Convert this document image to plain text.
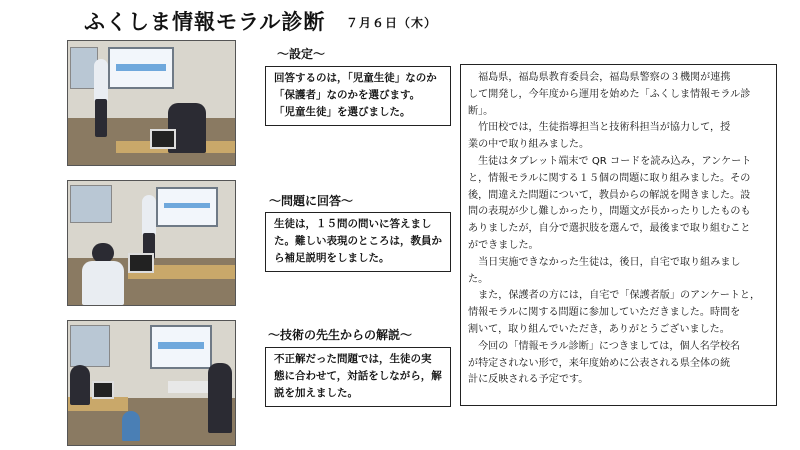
ふくしま情報モラル診断 ７月６日（木）
～設定～
回答するのは，「児童生徒」なのか
「保護者」なのかを選びます。
「児童生徒」を選びました。
～問題に回答～
生徒は，１５問の問いに答えまし
た。難しい表現のところは，教員か
ら補足説明をしました。
～技術の先生からの解説～
不正解だった問題では，生徒の実
態に合わせて，対話をしながら，解
説を加えました。
　福島県，福島県教育委員会，福島県警察の３機関が連携
して開発し，今年度から運用を始めた「ふくしま情報モラル診
断」。
　竹田校では，生徒指導担当と技術科担当が協力して，授
業の中で取り組みました。
　生徒はタブレット端末で QR コードを読み込み，アンケート
と，情報モラルに関する１５個の問題に取り組みました。その
後，間違えた問題について，教員からの解説を聞きました。設
問の表現が少し難しかったり，問題文が長かったりしたものも
ありましたが，自分で選択肢を選んで，最後まで取り組むこと
ができました。
　当日実施できなかった生徒は，後日，自宅で取り組みまし
た。
　また，保護者の方には，自宅で「保護者版」のアンケートと，
情報モラルに関する問題に参加していただきました。時間を
割いて，取り組んでいただき，ありがとうございました。
　今回の「情報モラル診断」につきましては，個人名学校名
が特定されない形で，来年度始めに公表される県全体の統
計に反映される予定です。
